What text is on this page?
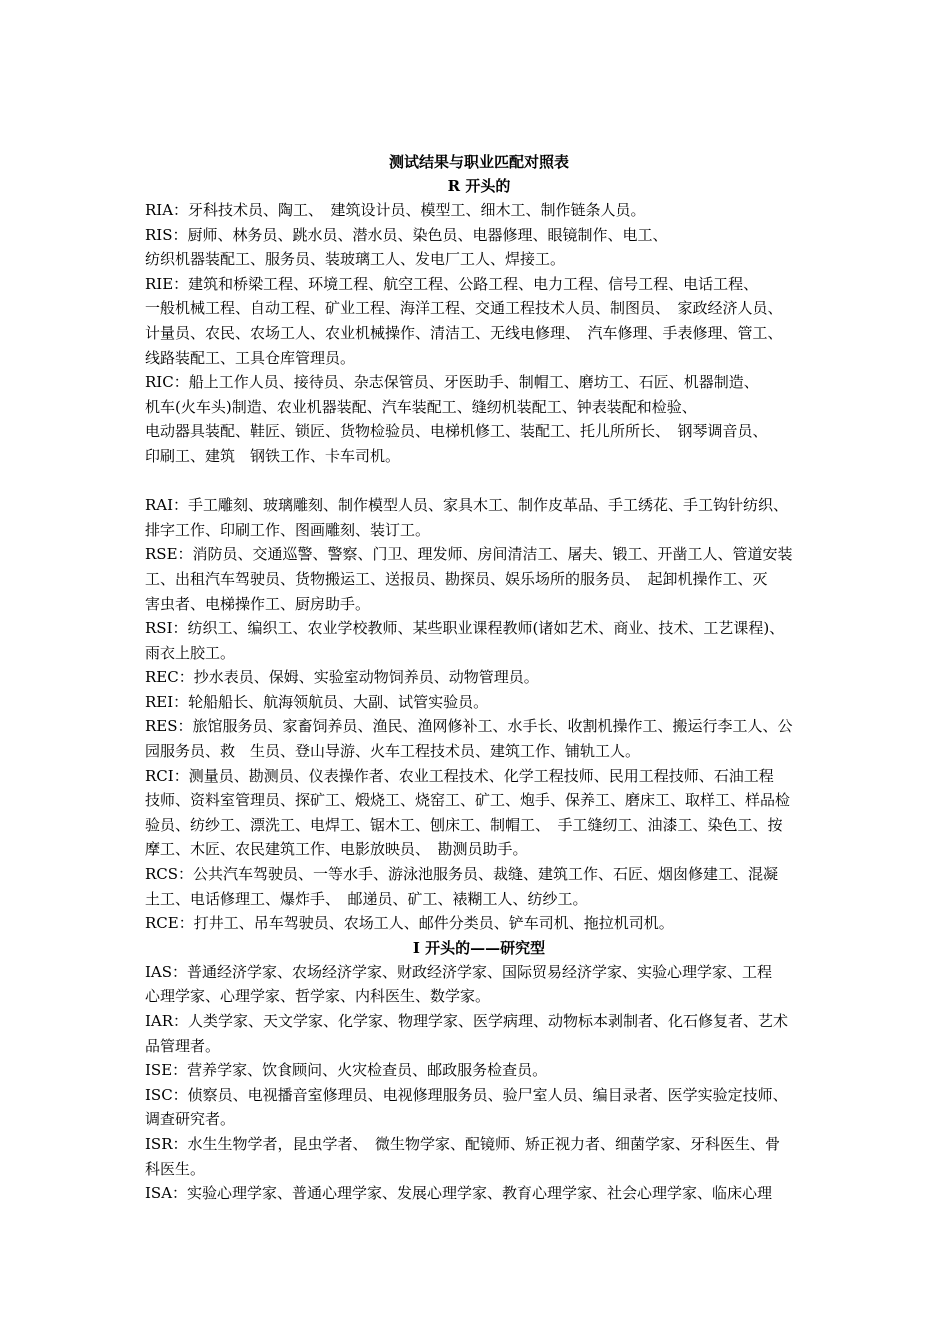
测试结果与职业匹配对照表
R 开头的

RIA：牙科技术员、陶工、　建筑设计员、模型工、细木工、制作链条人员。

RIS：厨师、林务员、跳水员、潜水员、染色员、电器修理、眼镜制作、电工、
纺织机器装配工、服务员、装玻璃工人、发电厂工人、焊接工。

RIE：建筑和桥梁工程、环境工程、航空工程、公路工程、电力工程、信号工程、电话工程、
一般机械工程、自动工程、矿业工程、海洋工程、交通工程技术人员、制图员、　家政经济人员、
计量员、农民、农场工人、农业机械操作、清洁工、无线电修理、　汽车修理、手表修理、管工、
线路装配工、工具仓库管理员。

RIC：船上工作人员、接待员、杂志保管员、牙医助手、制帽工、磨坊工、石匠、机器制造、
机车(火车头)制造、农业机器装配、汽车装配工、缝纫机装配工、钟表装配和检验、
电动器具装配、鞋匠、锁匠、货物检验员、电梯机修工、装配工、托儿所所长、　钢琴调音员、
印刷工、建筑　钢铁工作、卡车司机。

RAI：手工雕刻、玻璃雕刻、制作模型人员、家具木工、制作皮革品、手工绣花、手工钩针纺织、
排字工作、印刷工作、图画雕刻、装订工。

RSE：消防员、交通巡警、警察、门卫、理发师、房间清洁工、屠夫、锻工、开凿工人、管道安装
工、出租汽车驾驶员、货物搬运工、送报员、勘探员、娱乐场所的服务员、　起卸机操作工、灭
害虫者、电梯操作工、厨房助手。

RSI：纺织工、编织工、农业学校教师、某些职业课程教师(诸如艺术、商业、技术、工艺课程)、
雨衣上胶工。

REC：抄水表员、保姆、实验室动物饲养员、动物管理员。

REI：轮船船长、航海领航员、大副、试管实验员。

RES：旅馆服务员、家畜饲养员、渔民、渔网修补工、水手长、收割机操作工、搬运行李工人、公
园服务员、救　生员、登山导游、火车工程技术员、建筑工作、铺轨工人。

RCI：测量员、勘测员、仪表操作者、农业工程技术、化学工程技师、民用工程技师、石油工程
技师、资料室管理员、探矿工、煅烧工、烧窑工、矿工、炮手、保养工、磨床工、取样工、样品检
验员、纺纱工、漂洗工、电焊工、锯木工、刨床工、制帽工、　手工缝纫工、油漆工、染色工、按
摩工、木匠、农民建筑工作、电影放映员、　勘测员助手。

RCS：公共汽车驾驶员、一等水手、游泳池服务员、裁缝、建筑工作、石匠、烟囱修建工、混凝
土工、电话修理工、爆炸手、　邮递员、矿工、裱糊工人、纺纱工。

RCE：打井工、吊车驾驶员、农场工人、邮件分类员、铲车司机、拖拉机司机。

I 开头的——研究型

IAS：普通经济学家、农场经济学家、财政经济学家、国际贸易经济学家、实验心理学家、工程
心理学家、心理学家、哲学家、内科医生、数学家。

IAR：人类学家、天文学家、化学家、物理学家、医学病理、动物标本剥制者、化石修复者、艺术
品管理者。

ISE：营养学家、饮食顾问、火灾检查员、邮政服务检查员。

ISC：侦察员、电视播音室修理员、电视修理服务员、验尸室人员、编目录者、医学实验定技师、
调查研究者。

ISR：水生生物学者，昆虫学者、　微生物学家、配镜师、矫正视力者、细菌学家、牙科医生、骨
科医生。

ISA：实验心理学家、普通心理学家、发展心理学家、教育心理学家、社会心理学家、临床心理
